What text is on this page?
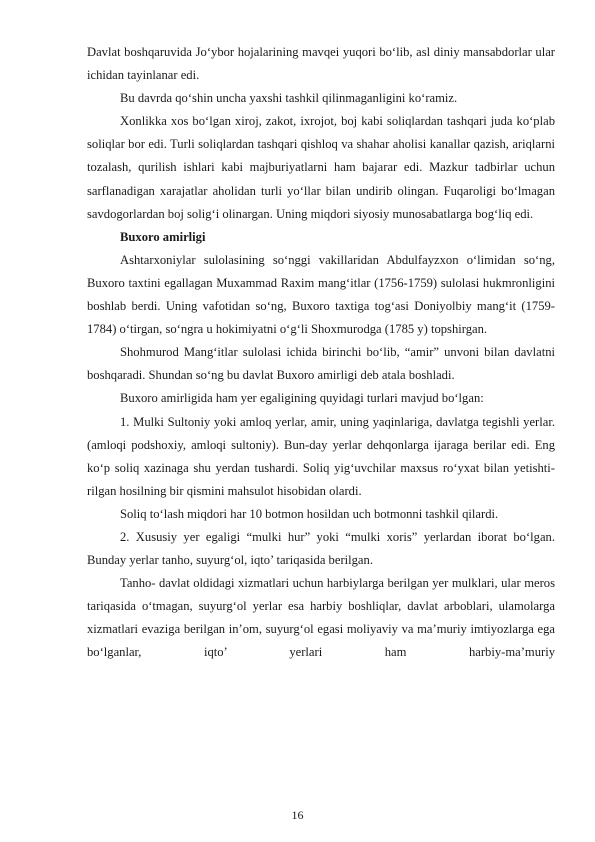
Davlat boshqaruvida Jo‘ybor hojalarining mavqei yuqori bo‘lib, asl diniy mansabdorlar ular ichidan tayinlanar edi.

Bu davrda qo‘shin uncha yaxshi tashkil qilinmaganligini ko‘ramiz.

Xonlikka xos bo‘lgan xiroj, zakot, ixrojot, boj kabi soliqlardan tashqari juda ko‘plab soliqlar bor edi. Turli soliqlardan tashqari qishloq va shahar aholisi kanallar qazish, ariqlarni tozalash, qurilish ishlari kabi majburiyatlarni ham bajarar edi. Mazkur tadbirlar uchun sarflanadigan xarajatlar aholidan turli yo‘llar bilan undirib olingan. Fuqaroligi bo‘lmagan savdogorlardan boj solig‘i olinargan. Uning miqdori siyosiy munosabatlarga bog‘liq edi.

Buxoro amirligi

Ashtarxoniylar sulolasining so‘nggi vakillaridan Abdulfayzxon o‘limidan so‘ng, Buxoro taxtini egallagan Muxammad Raxim mang‘itlar (1756-1759) sulolasi hukmronligini boshlab berdi. Uning vafotidan so‘ng, Buxoro taxtiga tog‘asi Doniyolbiy mang‘it (1759-1784) o‘tirgan, so‘ngra u hokimiyatni o‘g‘li Shoxmurodga (1785 y) topshirgan.

Shohmurod Mang‘itlar sulolasi ichida birinchi bo‘lib, “amir” unvoni bilan davlatni boshqaradi. Shundan so‘ng bu davlat Buxoro amirligi deb atala boshladi.

Buxoro amirligida ham yer egaligining quyidagi turlari mavjud bo‘lgan:

1. Mulki Sultoniy yoki amloq yerlar, amir, uning yaqinlariga, davlatga tegishli yerlar. (amloqi podshoxiy, amloqi sultoniy). Bun-day yerlar dehqonlarga ijaraga berilar edi. Eng ko‘p soliq xazinaga shu yerdan tushardi. Soliq yig‘uvchilar maxsus ro‘yxat bilan yetishti-rilgan hosilning bir qismini mahsulot hisobidan olardi.

Soliq to‘lash miqdori har 10 botmon hosildan uch botmonni tashkil qilardi.

2. Xususiy yer egaligi “mulki hur” yoki “mulki xoris” yerlardan iborat bo‘lgan. Bunday yerlar tanho, suyurg‘ol, iqto’ tariqasida berilgan.

Tanho- davlat oldidagi xizmatlari uchun harbiylarga berilgan yer mulklari, ular meros tariqasida o‘tmagan, suyurg‘ol yerlar esa harbiy boshliqlar, davlat arboblari, ulamolarga xizmatlari evaziga berilgan in’om, suyurg‘ol egasi moliyaviy va ma’muriy imtiyozlarga ega bo‘lganlar, iqto’ yerlari ham harbiy-ma’muriy

16
